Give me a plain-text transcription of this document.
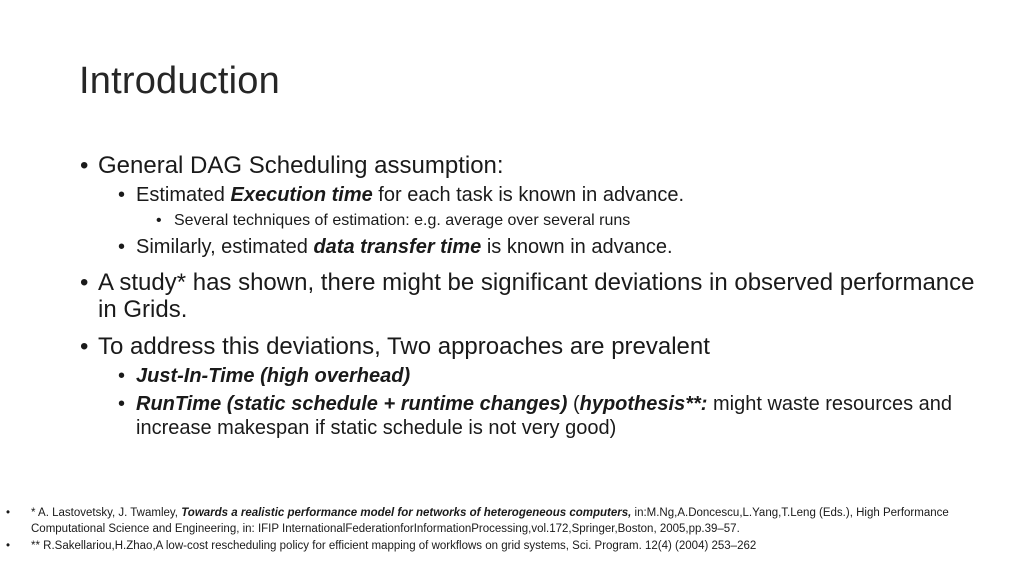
Introduction
• General DAG Scheduling assumption:
• Estimated Execution time for each task is known in advance.
• Several techniques of estimation: e.g. average over several runs
• Similarly, estimated data transfer time is known in advance.
• A study* has shown, there might be significant deviations in observed performance in Grids.
• To address this deviations, Two approaches are prevalent
• Just-In-Time (high overhead)
• RunTime (static schedule + runtime changes) (hypothesis**: might waste resources and increase makespan if static schedule is not very good)
• * A. Lastovetsky, J. Twamley, Towards a realistic performance model for networks of heterogeneous computers, in:M.Ng,A.Doncescu,L.Yang,T.Leng (Eds.), High Performance Computational Science and Engineering, in: IFIP InternationalFederationforInformationProcessing,vol.172,Springer,Boston, 2005,pp.39–57.
• ** R.Sakellariou,H.Zhao,A low-cost rescheduling policy for efficient mapping of workflows on grid systems, Sci. Program. 12(4) (2004) 253–262
